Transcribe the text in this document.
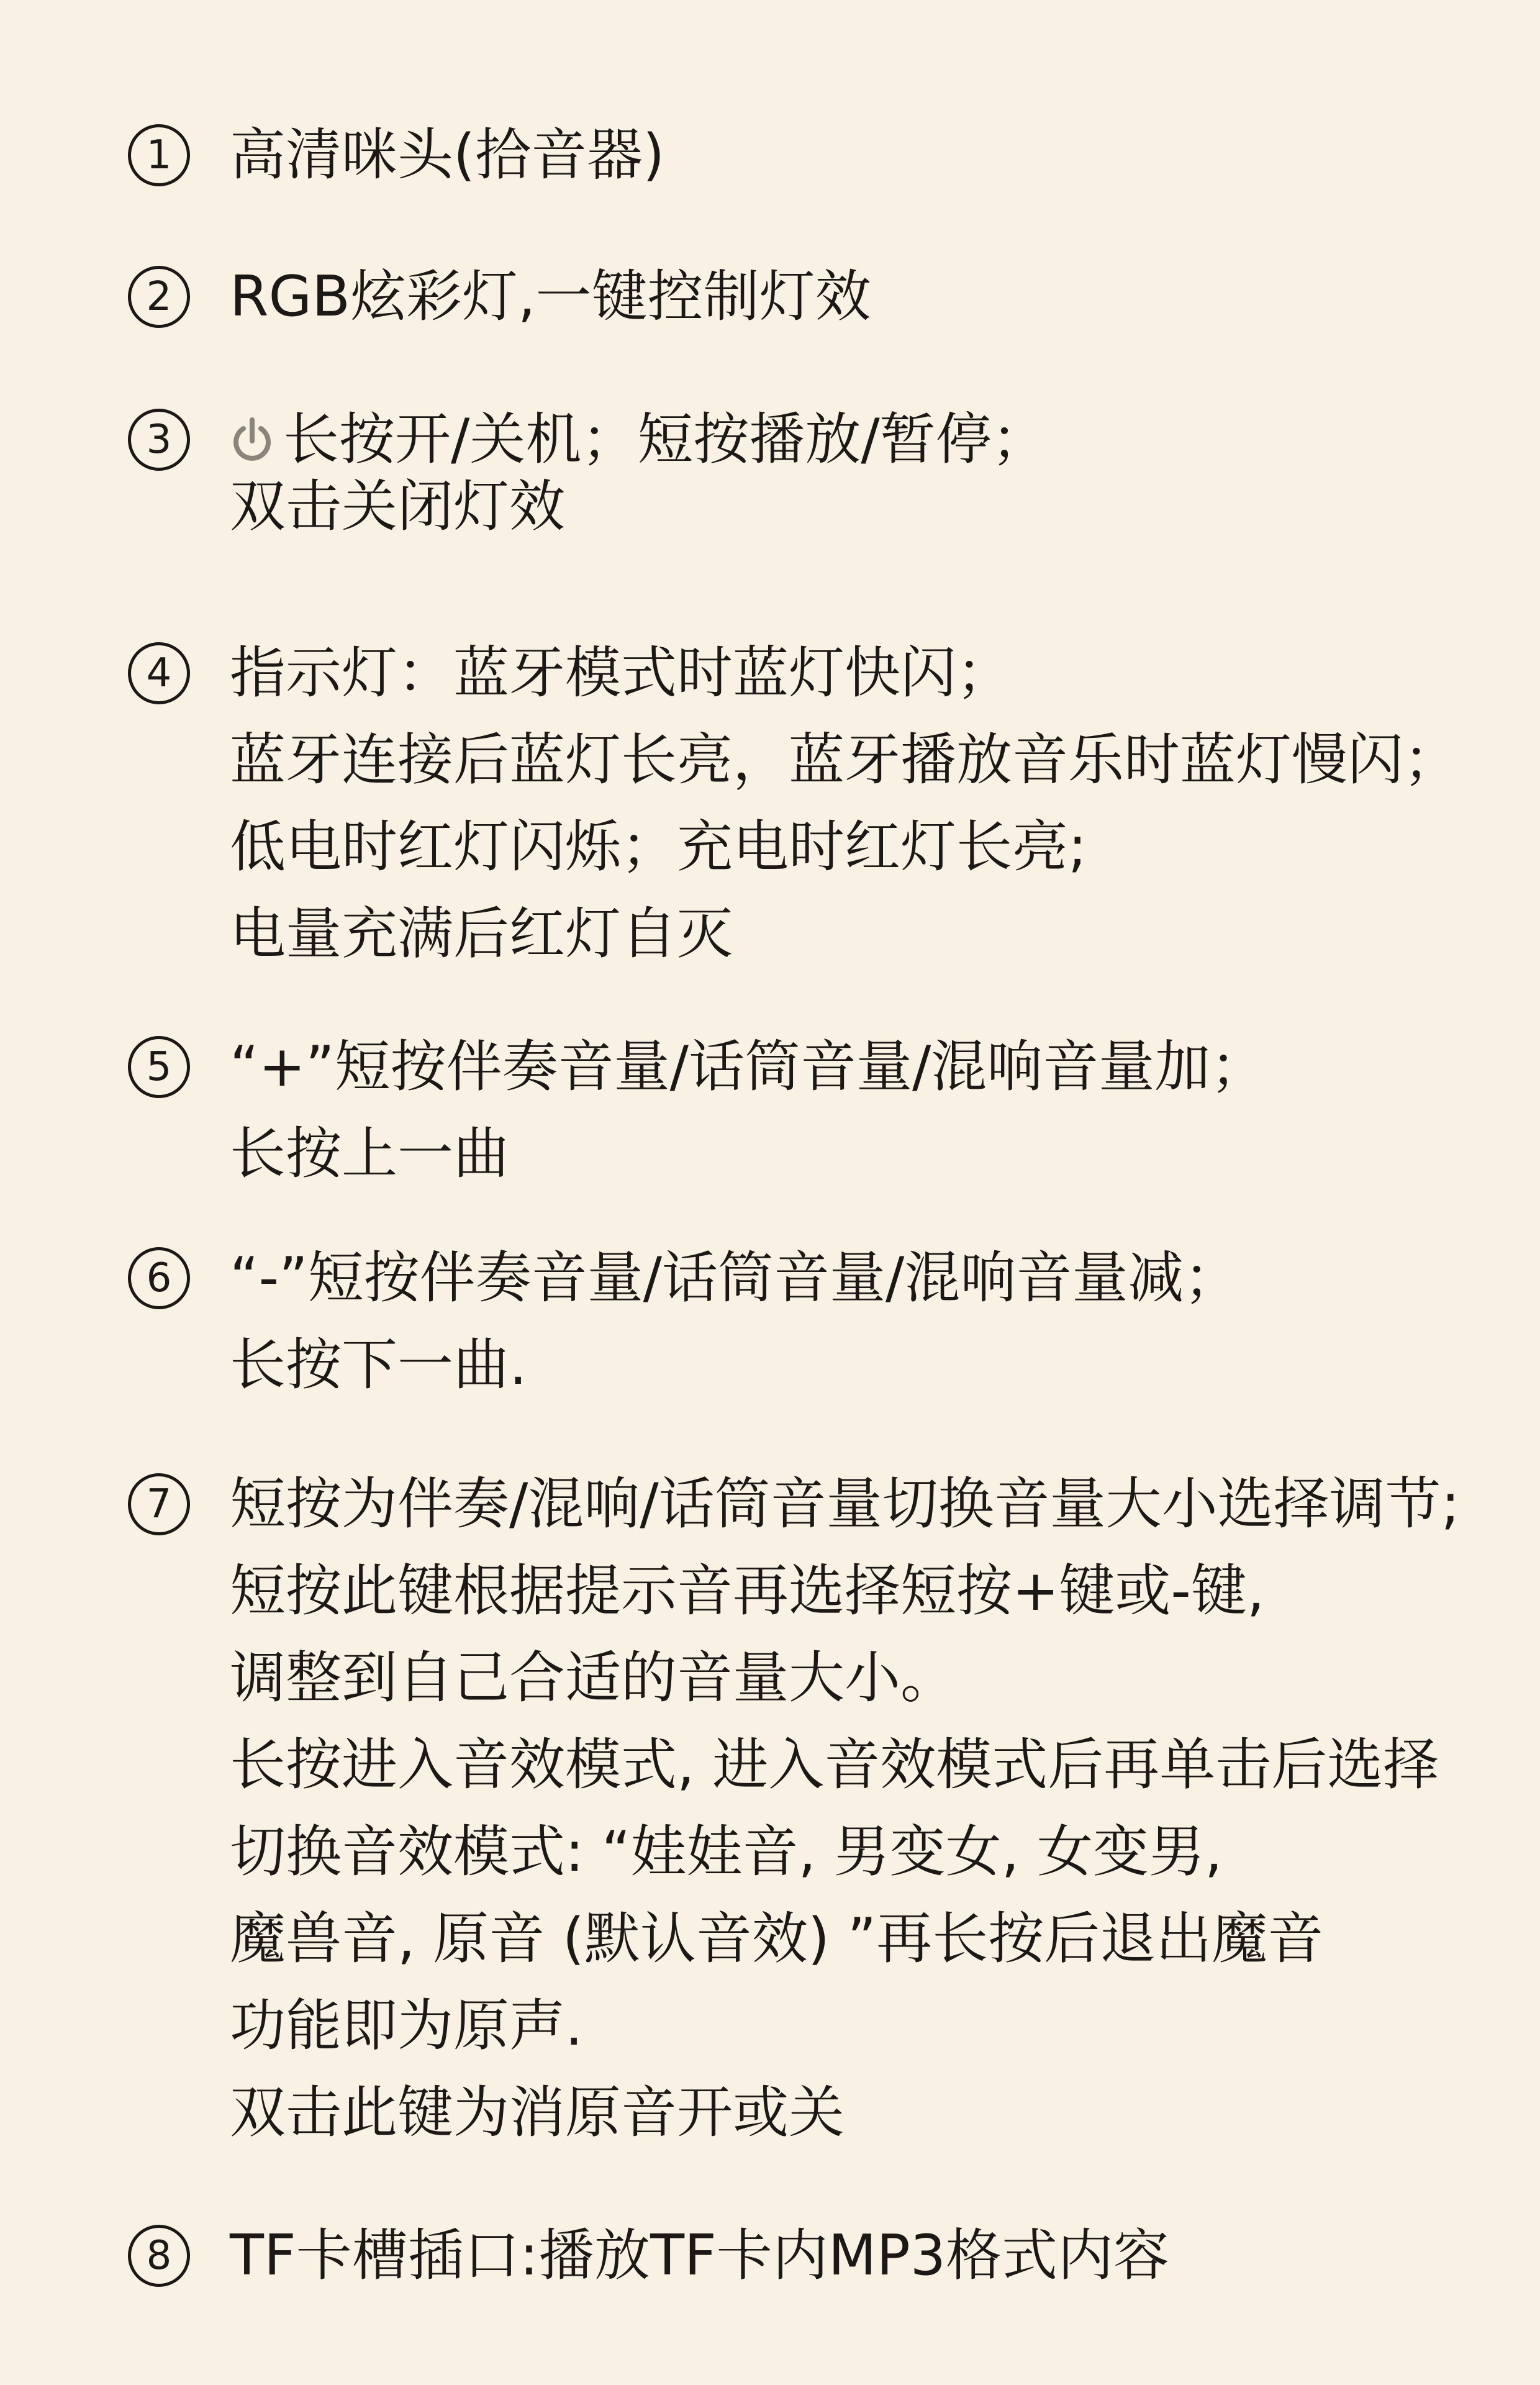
1	高清咪头(拾音器)
2	RGB炫彩灯,一键控制灯效
3	长按开/关机；短按播放/暂停；
双击关闭灯效
4	指示灯：蓝牙模式时蓝灯快闪；
蓝牙连接后蓝灯长亮，蓝牙播放音乐时蓝灯慢闪；
低电时红灯闪烁；充电时红灯长亮;
电量充满后红灯自灭
5	“+”短按伴奏音量/话筒音量/混响音量加；
长按上一曲
6	“-”短按伴奏音量/话筒音量/混响音量减；
长按下一曲.
7	短按为伴奏/混响/话筒音量切换音量大小选择调节;
短按此键根据提示音再选择短按+键或-键,
调整到自己合适的音量大小。
长按进入音效模式, 进入音效模式后再单击后选择
切换音效模式: “娃娃音, 男变女, 女变男,
魔兽音, 原音 (默认音效) ”再长按后退出魔音
功能即为原声.
双击此键为消原音开或关
8	TF卡槽插口:播放TF卡内MP3格式内容
